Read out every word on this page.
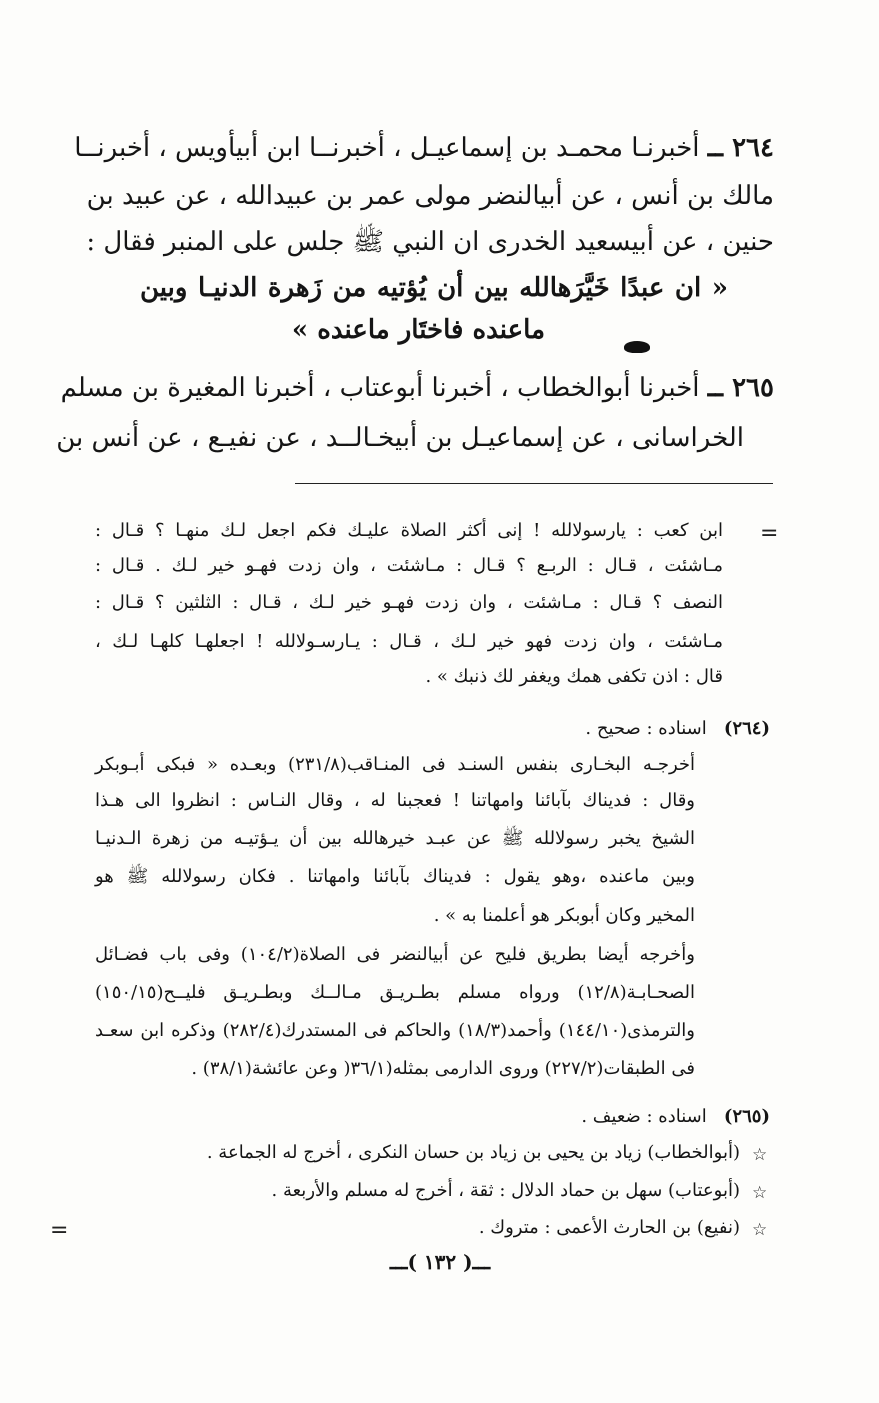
٢٦٤ ــ أخبرنـا محمـد بن إسماعيـل ، أخبرنــا ابن أبيأويس ، أخبرنــا
مالك بن أنس ، عن أبيالنضر مولى عمر بن عبيدالله ، عن عبيد بن
حنين ، عن أبيسعيد الخدرى ان النبي ﷺ جلس على المنبر فقال :
« ان عبدًا خَيَّرَهالله بين أن يُؤتيه من زَهرة الدنيـا وبين
ماعنده فاختَار ماعنده »
٢٦٥ ــ أخبرنا أبوالخطاب ، أخبرنا أبوعتاب ، أخبرنا المغيرة بن مسلم
الخراسانى ، عن إسماعيـل بن أبيخـالــد ، عن نفيـع ، عن أنس بن
=
ابن كعب : يارسولالله ! إنى أكثر الصلاة عليـك فكم اجعل لـك منهـا ؟ قـال :
مـاشئت ، قـال : الربـع ؟ قـال : مـاشئت ، وان زدت فهـو خير لـك . قـال :
النصف ؟ قـال : مـاشئت ، وان زدت فهـو خير لـك ، قـال : الثلثين ؟ قـال :
مـاشئت ، وان زدت فهو خير لـك ، قـال : يـارسـولالله ! اجعلهـا كلهـا لـك ،
قال : اذن تكفى همك ويغفر لك ذنبك » .
(٢٦٤)   اسناده : صحيح .
أخرجـه البخـارى بنفس السنـد فى المنـاقب(٢٣١/٨) وبعـده « فبكى أبـوبكر
وقال : فديناك بآبائنا وامهاتنا ! فعجبنا له ، وقال النـاس : انظروا الى هـذا
الشيخ يخبر رسولالله ﷺ عن عبـد خيرهالله بين أن يـؤتيـه من زهرة الـدنيـا
وبين ماعنده ،وهو يقول : فديناك بآبائنا وامهاتنا . فكان رسولالله ﷺ هو
المخير وكان أبوبكر هو أعلمنا به » .
وأخرجه أيضا بطريق فليح عن أبيالنضر فى الصلاة(١٠٤/٢) وفى باب فضـائل
الصحـابـة(١٢/٨) ورواه مسلم بطـريـق مـالــك وبطـريـق فليــح(١٥٠/١٥)
والترمذى(١٤٤/١٠) وأحمد(١٨/٣) والحاكم فى المستدرك(٢٨٢/٤) وذكره ابن سعـد
فى الطبقات(٢٢٧/٢) وروى الدارمى بمثله(٣٦/١( وعن عائشة(٣٨/١) .
(٢٦٥)   اسناده : ضعيف .
☆
(أبوالخطاب) زياد بن يحيى بن زياد بن حسان النكرى ، أخرج له الجماعة .
☆
(أبوعتاب) سهل بن حماد الدلال : ثقة ، أخرج له مسلم والأربعة .
☆
(نفيع) بن الحارث الأعمى : متروك .
=
ـــ( ١٣٢ )ـــ
